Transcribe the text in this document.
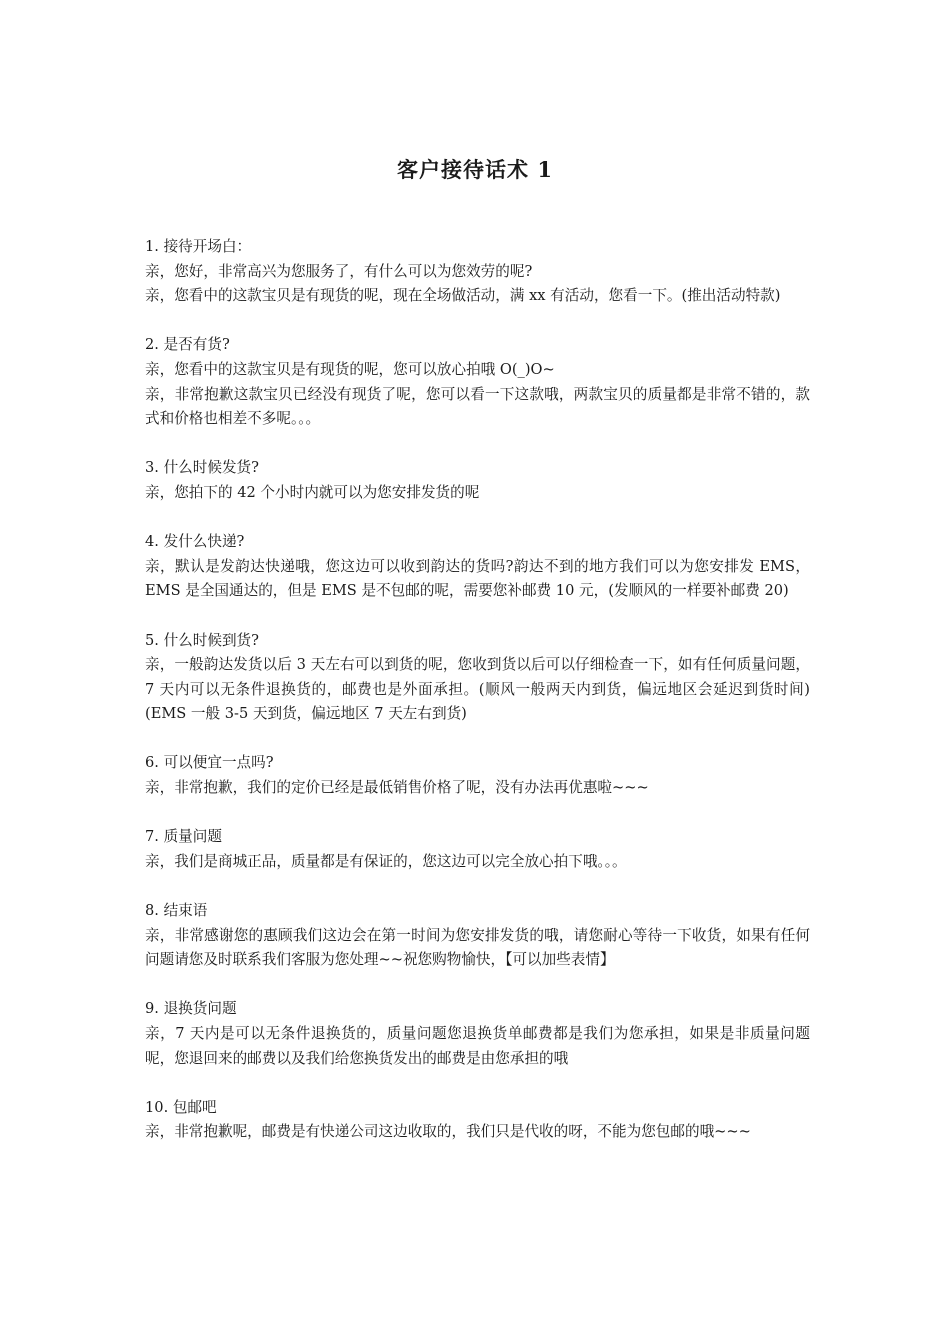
客户接待话术 1

1. 接待开场白：

亲，您好，非常高兴为您服务了，有什么可以为您效劳的呢?

亲，您看中的这款宝贝是有现货的呢，现在全场做活动，满 xx 有活动，您看一下。(推出活动特款)

2. 是否有货?

亲，您看中的这款宝贝是有现货的呢，您可以放心拍哦 O(_)O~

亲，非常抱歉这款宝贝已经没有现货了呢，您可以看一下这款哦，两款宝贝的质量都是非常不错的，款式和价格也相差不多呢。。。

3. 什么时候发货?

亲，您拍下的 42 个小时内就可以为您安排发货的呢

4. 发什么快递?

亲，默认是发韵达快递哦，您这边可以收到韵达的货吗?韵达不到的地方我们可以为您安排发 EMS，EMS 是全国通达的，但是 EMS 是不包邮的呢，需要您补邮费 10 元，(发顺风的一样要补邮费 20)

5. 什么时候到货?

亲，一般韵达发货以后 3 天左右可以到货的呢，您收到货以后可以仔细检查一下，如有任何质量问题，7 天内可以无条件退换货的，邮费也是外面承担。(顺风一般两天内到货，偏远地区会延迟到货时间)(EMS 一般 3-5 天到货，偏远地区 7 天左右到货)

6. 可以便宜一点吗?

亲，非常抱歉，我们的定价已经是最低销售价格了呢，没有办法再优惠啦~~~

7. 质量问题

亲，我们是商城正品，质量都是有保证的，您这边可以完全放心拍下哦。。。

8. 结束语

亲，非常感谢您的惠顾我们这边会在第一时间为您安排发货的哦，请您耐心等待一下收货，如果有任何问题请您及时联系我们客服为您处理~~祝您购物愉快，【可以加些表情】

9. 退换货问题

亲，7 天内是可以无条件退换货的，质量问题您退换货单邮费都是我们为您承担，如果是非质量问题呢，您退回来的邮费以及我们给您换货发出的邮费是由您承担的哦

10. 包邮吧

亲，非常抱歉呢，邮费是有快递公司这边收取的，我们只是代收的呀，不能为您包邮的哦~~~
